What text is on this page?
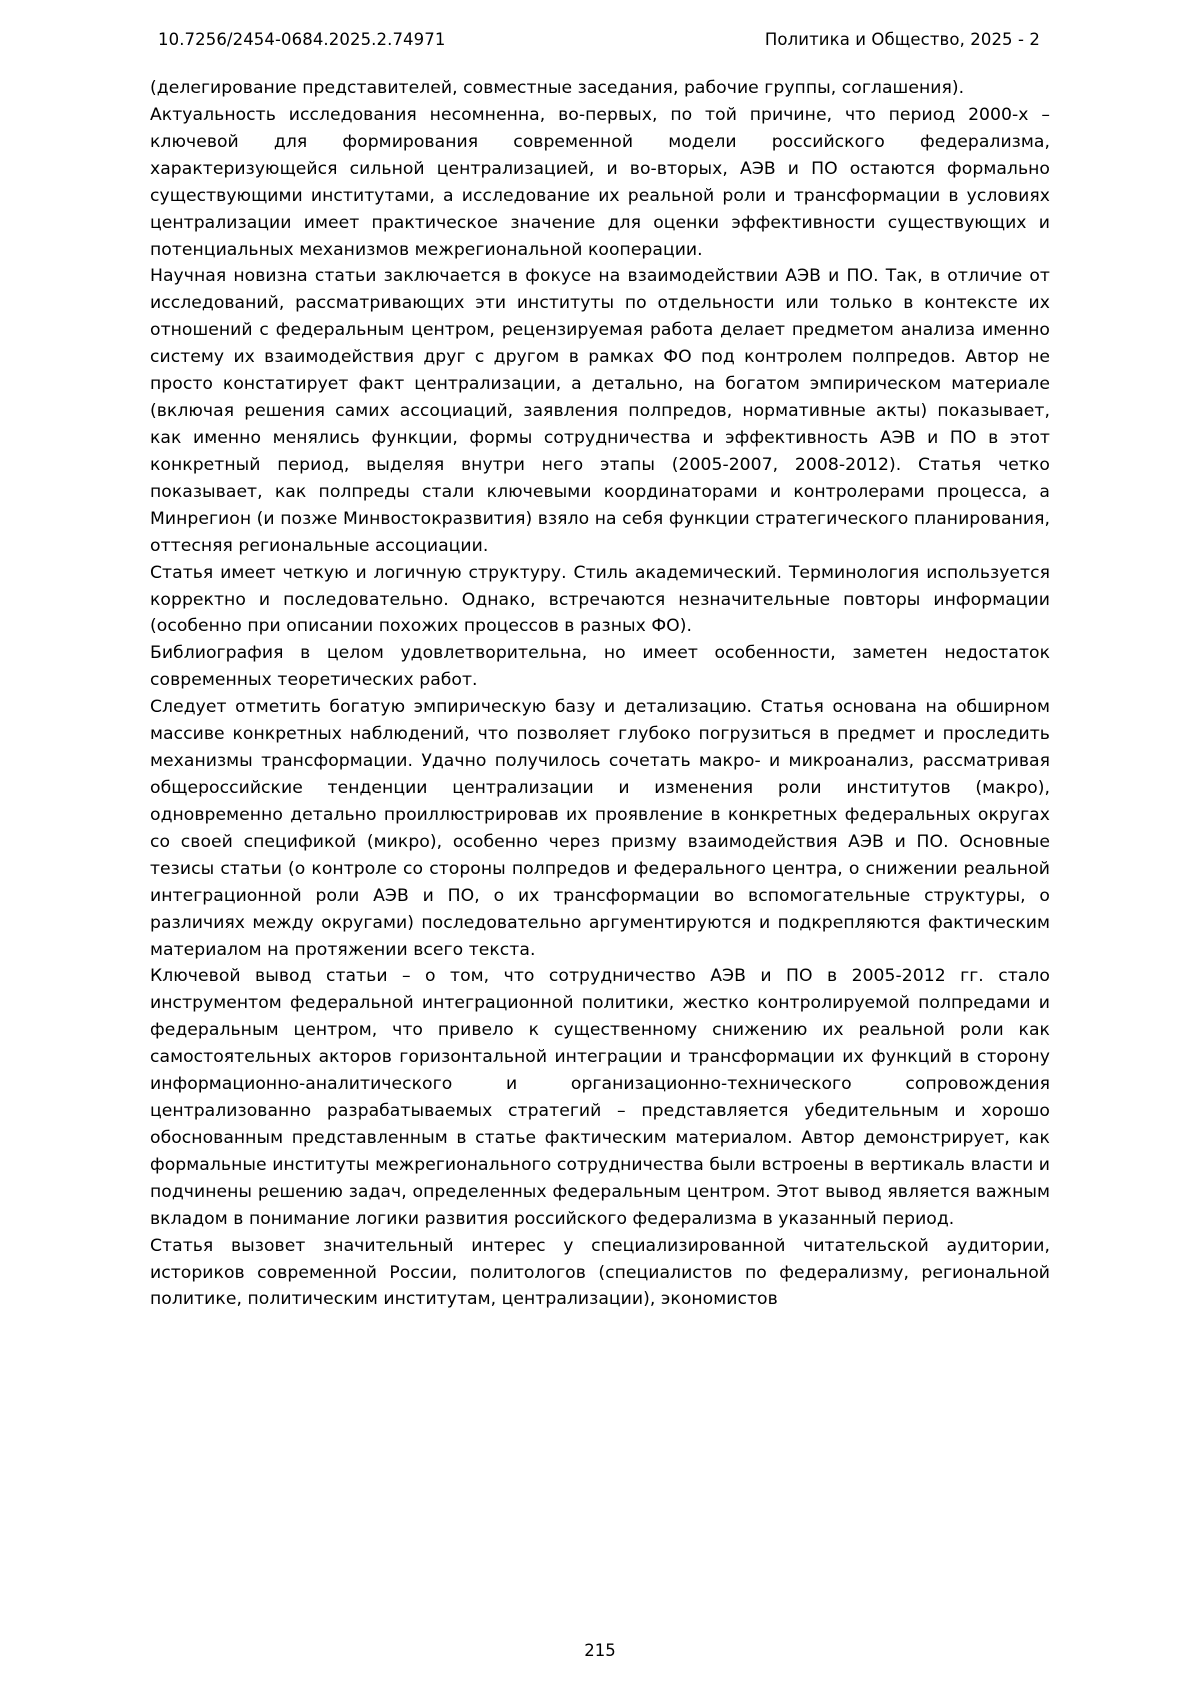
10.7256/2454-0684.2025.2.74971	Политика и Общество, 2025 - 2

(делегирование представителей, совместные заседания, рабочие группы, соглашения).

Актуальность исследования несомненна, во-первых, по той причине, что период 2000-х – ключевой для формирования современной модели российского федерализма, характеризующейся сильной централизацией, и во-вторых, АЭВ и ПО остаются формально существующими институтами, а исследование их реальной роли и трансформации в условиях централизации имеет практическое значение для оценки эффективности существующих и потенциальных механизмов межрегиональной кооперации.

Научная новизна статьи заключается в фокусе на взаимодействии АЭВ и ПО. Так, в отличие от исследований, рассматривающих эти институты по отдельности или только в контексте их отношений с федеральным центром, рецензируемая работа делает предметом анализа именно систему их взаимодействия друг с другом в рамках ФО под контролем полпредов. Автор не просто констатирует факт централизации, а детально, на богатом эмпирическом материале (включая решения самих ассоциаций, заявления полпредов, нормативные акты) показывает, как именно менялись функции, формы сотрудничества и эффективность АЭВ и ПО в этот конкретный период, выделяя внутри него этапы (2005-2007, 2008-2012). Статья четко показывает, как полпреды стали ключевыми координаторами и контролерами процесса, а Минрегион (и позже Минвостокразвития) взяло на себя функции стратегического планирования, оттесняя региональные ассоциации.

Статья имеет четкую и логичную структуру. Стиль академический. Терминология используется корректно и последовательно. Однако, встречаются незначительные повторы информации (особенно при описании похожих процессов в разных ФО).

Библиография в целом удовлетворительна, но имеет особенности, заметен недостаток современных теоретических работ.

Следует отметить богатую эмпирическую базу и детализацию. Статья основана на обширном массиве конкретных наблюдений, что позволяет глубоко погрузиться в предмет и проследить механизмы трансформации. Удачно получилось сочетать макро- и микроанализ, рассматривая общероссийские тенденции централизации и изменения роли институтов (макро), одновременно детально проиллюстрировав их проявление в конкретных федеральных округах со своей спецификой (микро), особенно через призму взаимодействия АЭВ и ПО. Основные тезисы статьи (о контроле со стороны полпредов и федерального центра, о снижении реальной интеграционной роли АЭВ и ПО, о их трансформации во вспомогательные структуры, о различиях между округами) последовательно аргументируются и подкрепляются фактическим материалом на протяжении всего текста.

Ключевой вывод статьи – о том, что сотрудничество АЭВ и ПО в 2005-2012 гг. стало инструментом федеральной интеграционной политики, жестко контролируемой полпредами и федеральным центром, что привело к существенному снижению их реальной роли как самостоятельных акторов горизонтальной интеграции и трансформации их функций в сторону информационно-аналитического и организационно-технического сопровождения централизованно разрабатываемых стратегий – представляется убедительным и хорошо обоснованным представленным в статье фактическим материалом. Автор демонстрирует, как формальные институты межрегионального сотрудничества были встроены в вертикаль власти и подчинены решению задач, определенных федеральным центром. Этот вывод является важным вкладом в понимание логики развития российского федерализма в указанный период.

Статья вызовет значительный интерес у специализированной читательской аудитории, историков современной России, политологов (специалистов по федерализму, региональной политике, политическим институтам, централизации), экономистов

215
